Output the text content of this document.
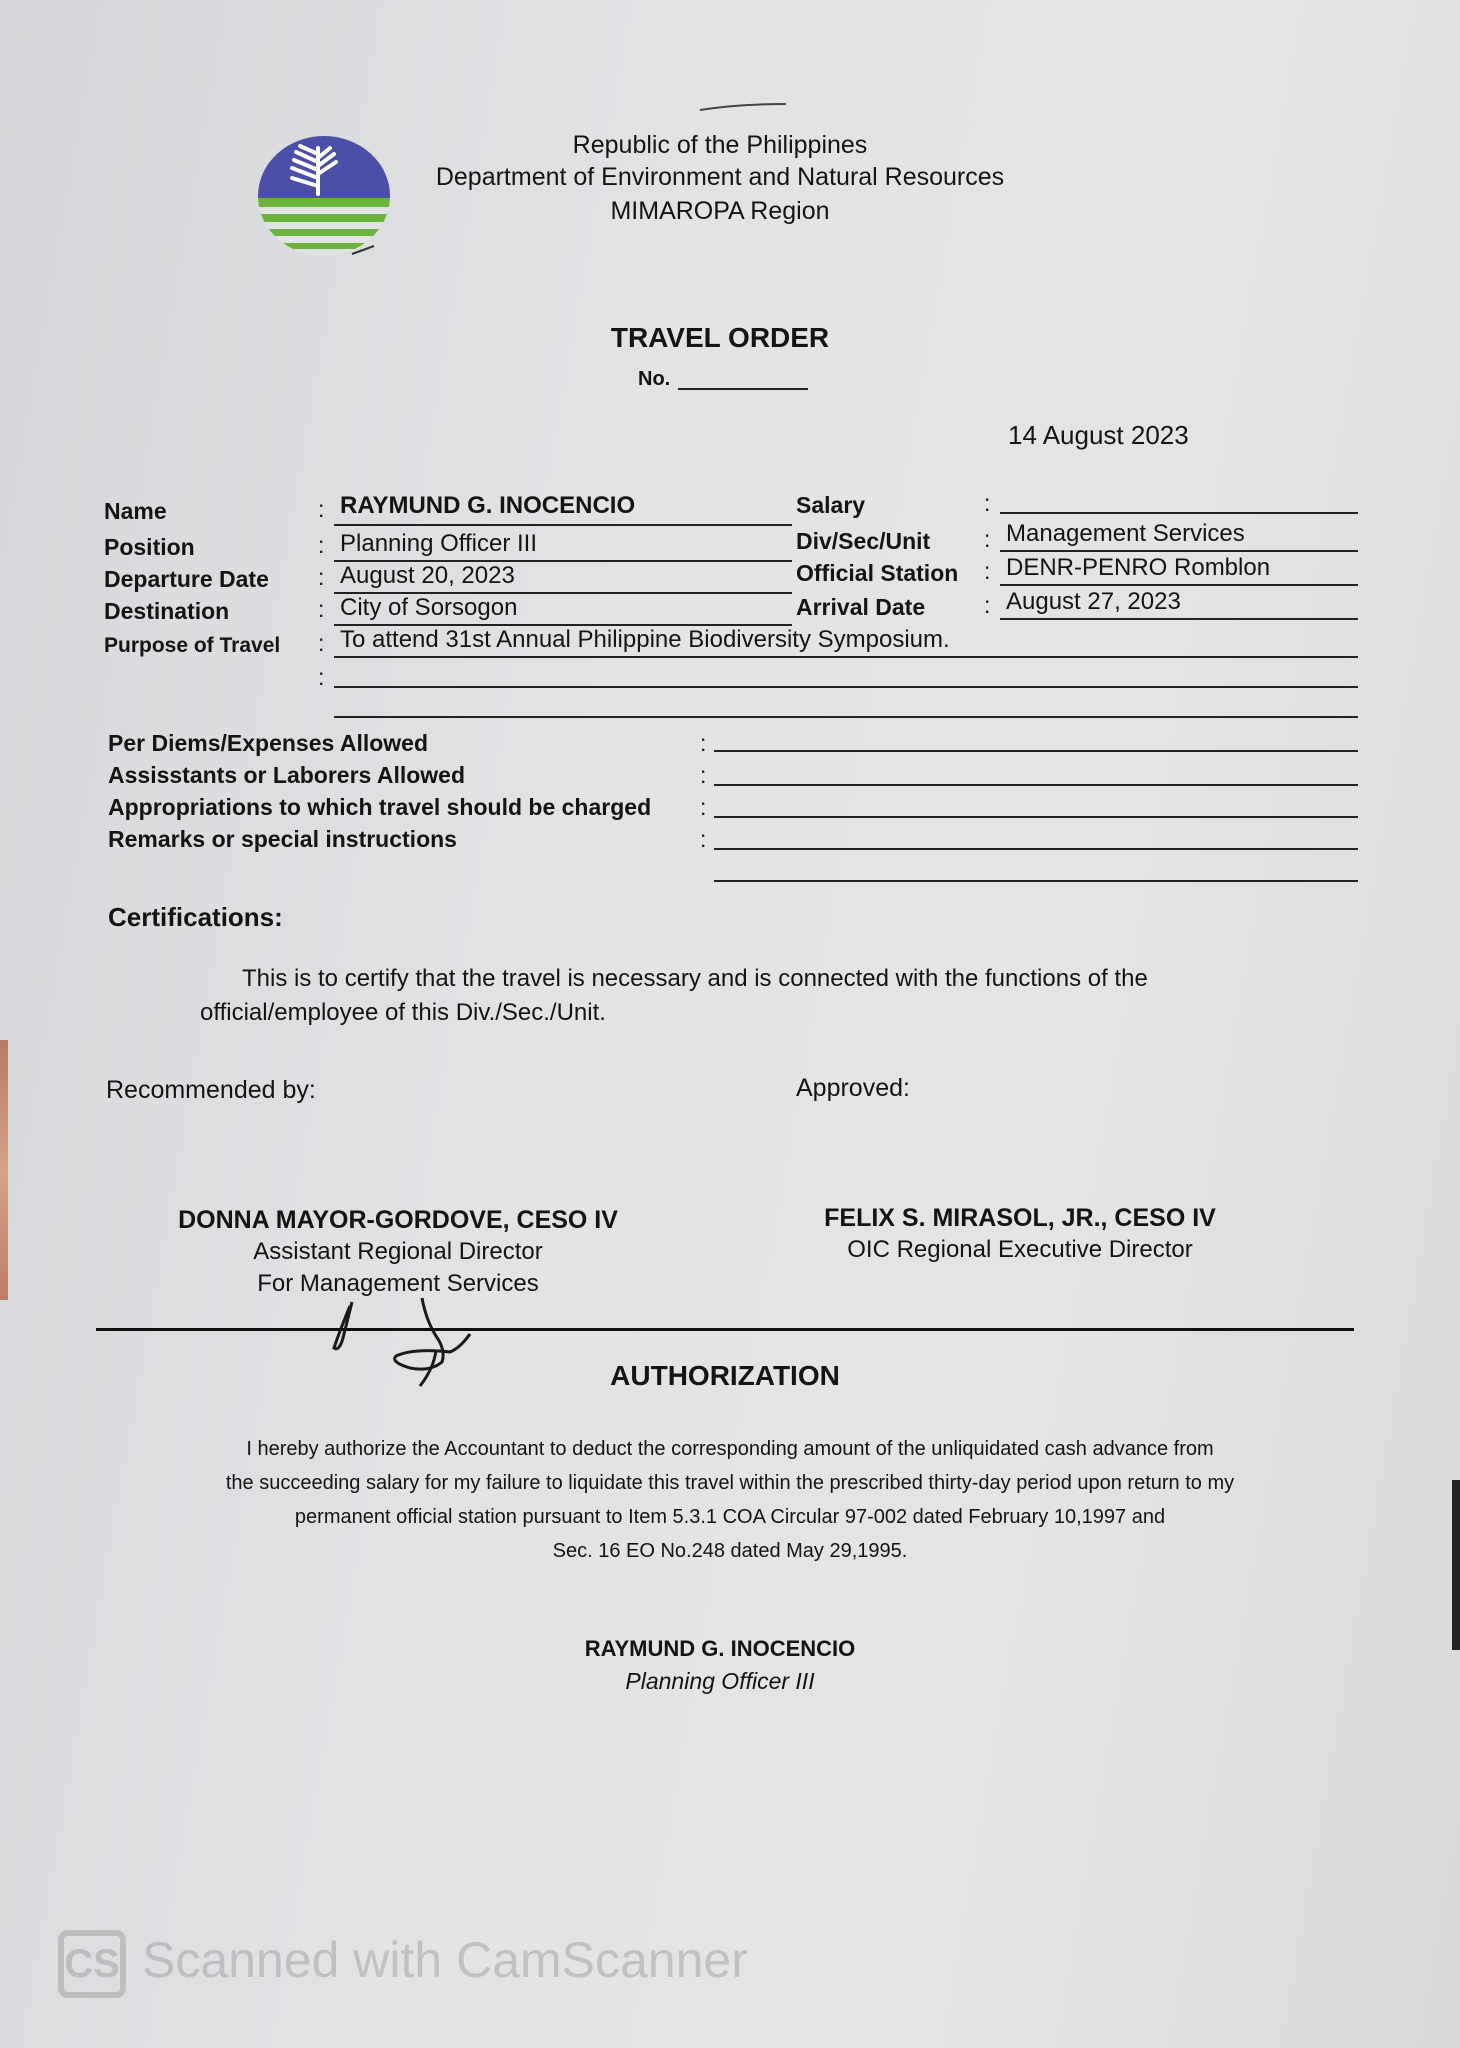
Republic of the Philippines
Department of Environment and Natural Resources
MIMAROPA Region
TRAVEL ORDER
No.
14 August 2023
Name	: RAYMUND G. INOCENCIO
Position	: Planning Officer III
Departure Date : August 20, 2023
Destination	: City of Sorsogon
Purpose of Travel : To attend 31st Annual Philippine Biodiversity Symposium.
:
Salary	:
Div/Sec/Unit : Management Services
Official Station : DENR-PENRO Romblon
Arrival Date	: August 27, 2023
Per Diems/Expenses Allowed	:
Assisstants or Laborers Allowed	:
Appropriations to which travel should be charged :
Remarks or special instructions	:
Certifications:
This is to certify that the travel is necessary and is connected with the functions of the
official/employee of this Div./Sec./Unit.
Recommended by:	Approved:
DONNA MAYOR-GORDOVE, CESO IV
Assistant Regional Director
For Management Services
FELIX S. MIRASOL, JR., CESO IV
OIC Regional Executive Director
AUTHORIZATION
I hereby authorize the Accountant to deduct the corresponding amount of the unliquidated cash advance from
the succeeding salary for my failure to liquidate this travel within the prescribed thirty-day period upon return to my
permanent official station pursuant to Item 5.3.1 COA Circular 97-002 dated February 10,1997 and
Sec. 16 EO No.248 dated May 29,1995.
RAYMUND G. INOCENCIO
Planning Officer III
CS Scanned with CamScanner
